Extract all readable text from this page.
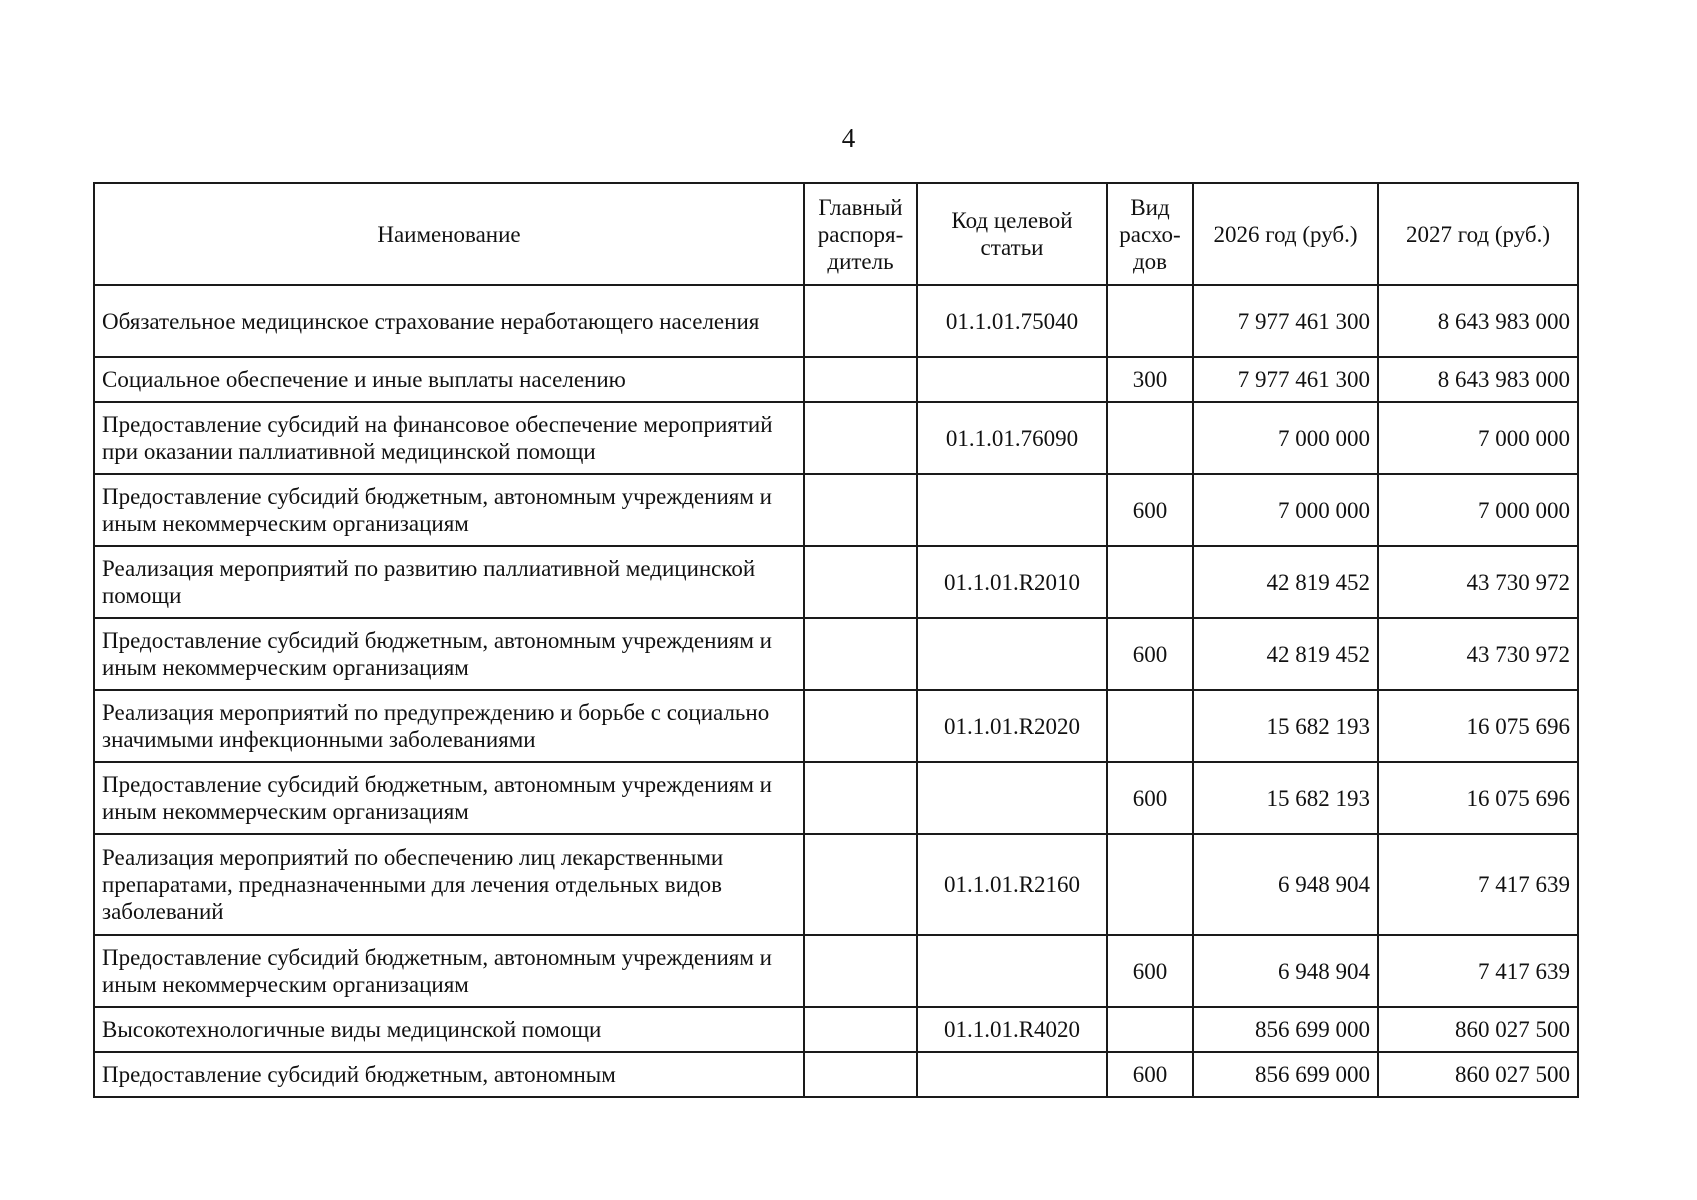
4
Наименование	Главный распоря-дитель	Код целевой статьи	Вид расхо-дов	2026 год (руб.)	2027 год (руб.)
Обязательное медицинское страхование неработающего населения		01.1.01.75040		7 977 461 300	8 643 983 000
Социальное обеспечение и иные выплаты населению			300	7 977 461 300	8 643 983 000
Предоставление субсидий на финансовое обеспечение мероприятий при оказании паллиативной медицинской помощи		01.1.01.76090		7 000 000	7 000 000
Предоставление субсидий бюджетным, автономным учреждениям и иным некоммерческим организациям			600	7 000 000	7 000 000
Реализация мероприятий по развитию паллиативной медицинской помощи		01.1.01.R2010		42 819 452	43 730 972
Предоставление субсидий бюджетным, автономным учреждениям и иным некоммерческим организациям			600	42 819 452	43 730 972
Реализация мероприятий по предупреждению и борьбе с социально значимыми инфекционными заболеваниями		01.1.01.R2020		15 682 193	16 075 696
Предоставление субсидий бюджетным, автономным учреждениям и иным некоммерческим организациям			600	15 682 193	16 075 696
Реализация мероприятий по обеспечению лиц лекарственными препаратами, предназначенными для лечения отдельных видов заболеваний		01.1.01.R2160		6 948 904	7 417 639
Предоставление субсидий бюджетным, автономным учреждениям и иным некоммерческим организациям			600	6 948 904	7 417 639
Высокотехнологичные виды медицинской помощи		01.1.01.R4020		856 699 000	860 027 500
Предоставление субсидий бюджетным, автономным			600	856 699 000	860 027 500
